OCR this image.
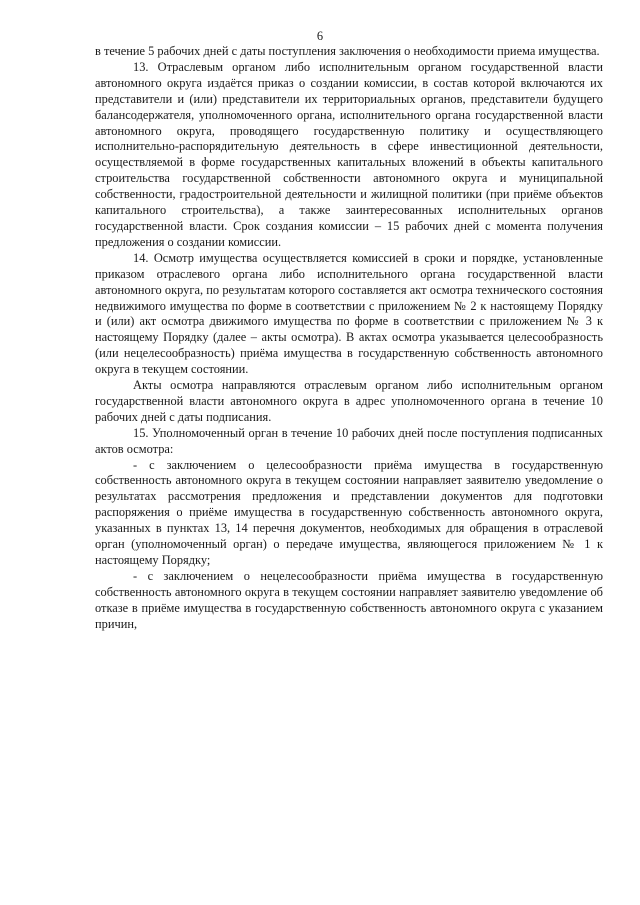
6

в течение 5 рабочих дней с даты поступления заключения о необходимости приема имущества.

13. Отраслевым органом либо исполнительным органом государственной власти автономного округа издаётся приказ о создании комиссии, в состав которой включаются их представители и (или) представители их территориальных органов, представители будущего балансодержателя, уполномоченного органа, исполнительного органа государственной власти автономного округа, проводящего государственную политику и осуществляющего исполнительно-распорядительную деятельность в сфере инвестиционной деятельности, осуществляемой в форме государственных капитальных вложений в объекты капитального строительства государственной собственности автономного округа и муниципальной собственности, градостроительной деятельности и жилищной политики (при приёме объектов капитального строительства), а также заинтересованных исполнительных органов государственной власти. Срок создания комиссии – 15 рабочих дней с момента получения предложения о создании комиссии.

14. Осмотр имущества осуществляется комиссией в сроки и порядке, установленные приказом отраслевого органа либо исполнительного органа государственной власти автономного округа, по результатам которого составляется акт осмотра технического состояния недвижимого имущества по форме в соответствии с приложением № 2 к настоящему Порядку и (или) акт осмотра движимого имущества по форме в соответствии с приложением № 3 к настоящему Порядку (далее – акты осмотра). В актах осмотра указывается целесообразность (или нецелесообразность) приёма имущества в государственную собственность автономного округа в текущем состоянии.

Акты осмотра направляются отраслевым органом либо исполнительным органом государственной власти автономного округа в адрес уполномоченного органа в течение 10 рабочих дней с даты подписания.

15. Уполномоченный орган в течение 10 рабочих дней после поступления подписанных актов осмотра:

- с заключением о целесообразности приёма имущества в государственную собственность автономного округа в текущем состоянии направляет заявителю уведомление о результатах рассмотрения предложения и представлении документов для подготовки распоряжения о приёме имущества в государственную собственность автономного округа, указанных в пунктах 13, 14 перечня документов, необходимых для обращения в отраслевой орган (уполномоченный орган) о передаче имущества, являющегося приложением № 1 к настоящему Порядку;

- с заключением о нецелесообразности приёма имущества в государственную собственность автономного округа в текущем состоянии направляет заявителю уведомление об отказе в приёме имущества в государственную собственность автономного округа с указанием причин,
